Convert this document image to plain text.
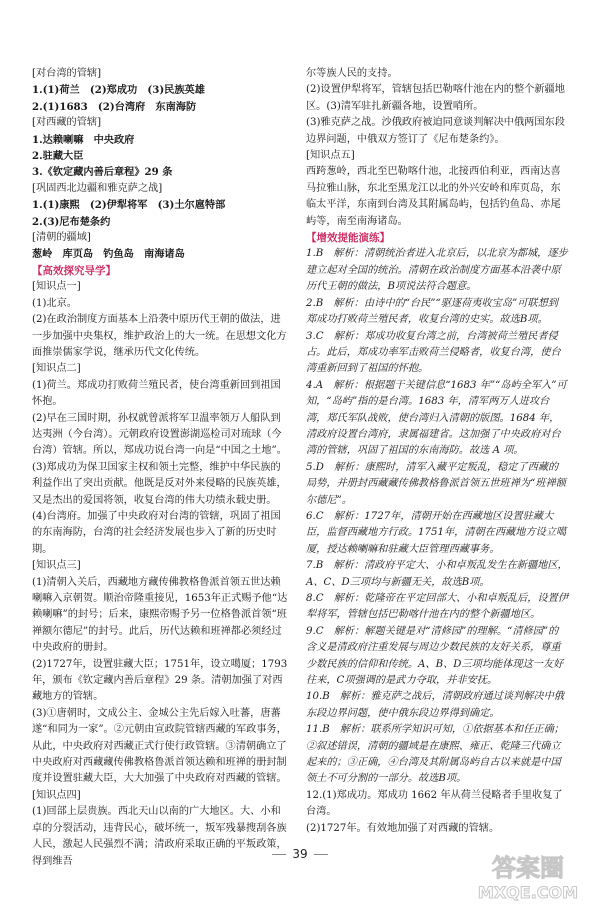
[对台湾的管辖]

1.(1)荷兰　(2)郑成功　(3)民族英雄

2.(1)1683　(2)台湾府　东南海防

[对西藏的管辖]

1.达赖喇嘛　中央政府

2.驻藏大臣

3.《钦定藏内善后章程》29 条

[巩固西北边疆和雅克萨之战]

1.(1)康熙　(2)伊犁将军　(3)土尔扈特部

2.(3)尼布楚条约

[清朝的疆域]

葱岭　库页岛　钓鱼岛　南海诸岛

【高效探究导学】

[知识点一]

(1)北京。

(2)在政治制度方面基本上沿袭中原历代王朝的做法，进一步加强中央集权，维护政治上的大一统。在思想文化方面推崇儒家学说，继承历代文化传统。

[知识点二]

(1)荷兰。郑成功打败荷兰殖民者，使台湾重新回到祖国怀抱。

(2)早在三国时期，孙权就曾派将军卫温率领万人船队到达夷洲（今台湾）。元朝政府设置澎湖巡检司对琉球（今台湾）管辖。所以，郑成功说台湾一向是“中国之土地”。

(3)郑成功为保卫国家主权和领土完整，维护中华民族的利益作出了突出贡献。他既是反对外来侵略的民族英雄，又是杰出的爱国将领，收复台湾的伟大功绩永载史册。

(4)台湾府。加强了中央政府对台湾的管辖，巩固了祖国的东南海防，台湾的社会经济发展也步入了新的历史时期。

[知识点三]

(1)清朝入关后，西藏地方藏传佛教格鲁派首领五世达赖喇嘛入京朝贺。顺治帝隆重接见，1653年正式赐予他“达赖喇嘛”的封号；后来，康熙帝赐予另一位格鲁派首领“班禅额尔德尼”的封号。此后，历代达赖和班禅都必须经过中央政府的册封。

(2)1727年，设置驻藏大臣；1751年，设立噶厦；1793年，颁布《钦定藏内善后章程》29 条。清朝加强了对西藏地方的管辖。

(3)①唐朝时，文成公主、金城公主先后嫁入吐蕃，唐蕃遂“和同为一家”。②元朝由宣政院管辖西藏的军政事务，从此，中央政府对西藏正式行使行政管辖。③清朝确立了中央政府对西藏藏传佛教格鲁派首领达赖和班禅的册封制度并设置驻藏大臣，大大加强了中央政府对西藏的管辖。

[知识点四]

(1)回部上层贵族。西北天山以南的广大地区。大、小和卓的分裂活动，违背民心，破坏统一，叛军残暴搜刮各族人民，激起人民强烈不满；清政府采取正确的平叛政策，得到维吾

尔等族人民的支持。

(2)设置伊犁将军，管辖包括巴勒喀什池在内的整个新疆地区。(3)清军驻扎新疆各地，设置哨所。

(3)雅克萨之战。沙俄政府被迫同意谈判解决中俄两国东段边界问题，中俄双方签订了《尼布楚条约》。

[知识点五]

西跨葱岭，西北至巴勒喀什池，北接西伯利亚，西南达喜马拉雅山脉，东北至黑龙江以北的外兴安岭和库页岛，东临太平洋，东南到台湾及其附属岛屿，包括钓鱼岛、赤尾屿等，南至南海诸岛。

【增效提能演练】

1.B　解析：清朝统治者进入北京后，以北京为都城，逐步建立起对全国的统治。清朝在政治制度方面基本沿袭中原历代王朝的做法，B项说法符合题意。

2.B　解析：由诗中的“台民”“驱逐荷夷收宝岛”可联想到郑成功打败荷兰殖民者，收复台湾的史实。故选B项。

3.C　解析：郑成功收复台湾之前，台湾被荷兰殖民者侵占。此后，郑成功率军击败荷兰侵略者，收复台湾，使台湾重新回到了祖国的怀抱。

4.A　解析：根据题干关键信息“1683 年”“岛屿全军入”可知，“岛屿”指的是台湾。1683 年，清军两万人进攻台湾，郑氏军队战败，使台湾归入清朝的版图。1684 年，清政府设置台湾府，隶属福建省。这加强了中央政府对台湾的管辖，巩固了祖国的东南海防。故选 A 项。

5.D　解析：康熙时，清军入藏平定叛乱，稳定了西藏的局势，并册封西藏藏传佛教格鲁派首领五世班禅为“班禅额尔德尼”。

6.C　解析：1727年，清朝开始在西藏地区设置驻藏大臣，监督西藏地方行政。1751年，清朝在西藏地方设立噶厦，授达赖喇嘛和驻藏大臣管理西藏事务。

7.B　解析：清政府平定大、小和卓叛乱发生在新疆地区，A、C、D三项均与新疆无关，故选B项。

8.C　解析：乾隆帝在平定回部大、小和卓叛乱后，设置伊犁将军，管辖包括巴勒喀什池在内的整个新疆地区。

9.C　解析：解题关键是对“清修园”的理解。“清修园”的含义是清政府注重发展与周边少数民族的友好关系，尊重少数民族的信仰和传统。A、B、D三项均能体现这一友好往来，C项强调的是武力夺取，并非安抚。

10.B　解析：雅克萨之战后，清朝政府通过谈判解决中俄东段边界问题，使中俄东段边界得到确定。

11.B　解析：联系所学知识可知，①依据基本和任正确；②叙述错误，清朝的疆域是在康熙、雍正、乾隆三代确立起来的；③正确，④台湾及其附属岛屿自古以来就是中国领土不可分割的一部分。故选B项。

12.(1)郑成功。郑成功 1662 年从荷兰侵略者手里收复了台湾。

(2)1727年。有效地加强了对西藏的管辖。

39	答案圈
MXQE.COM
